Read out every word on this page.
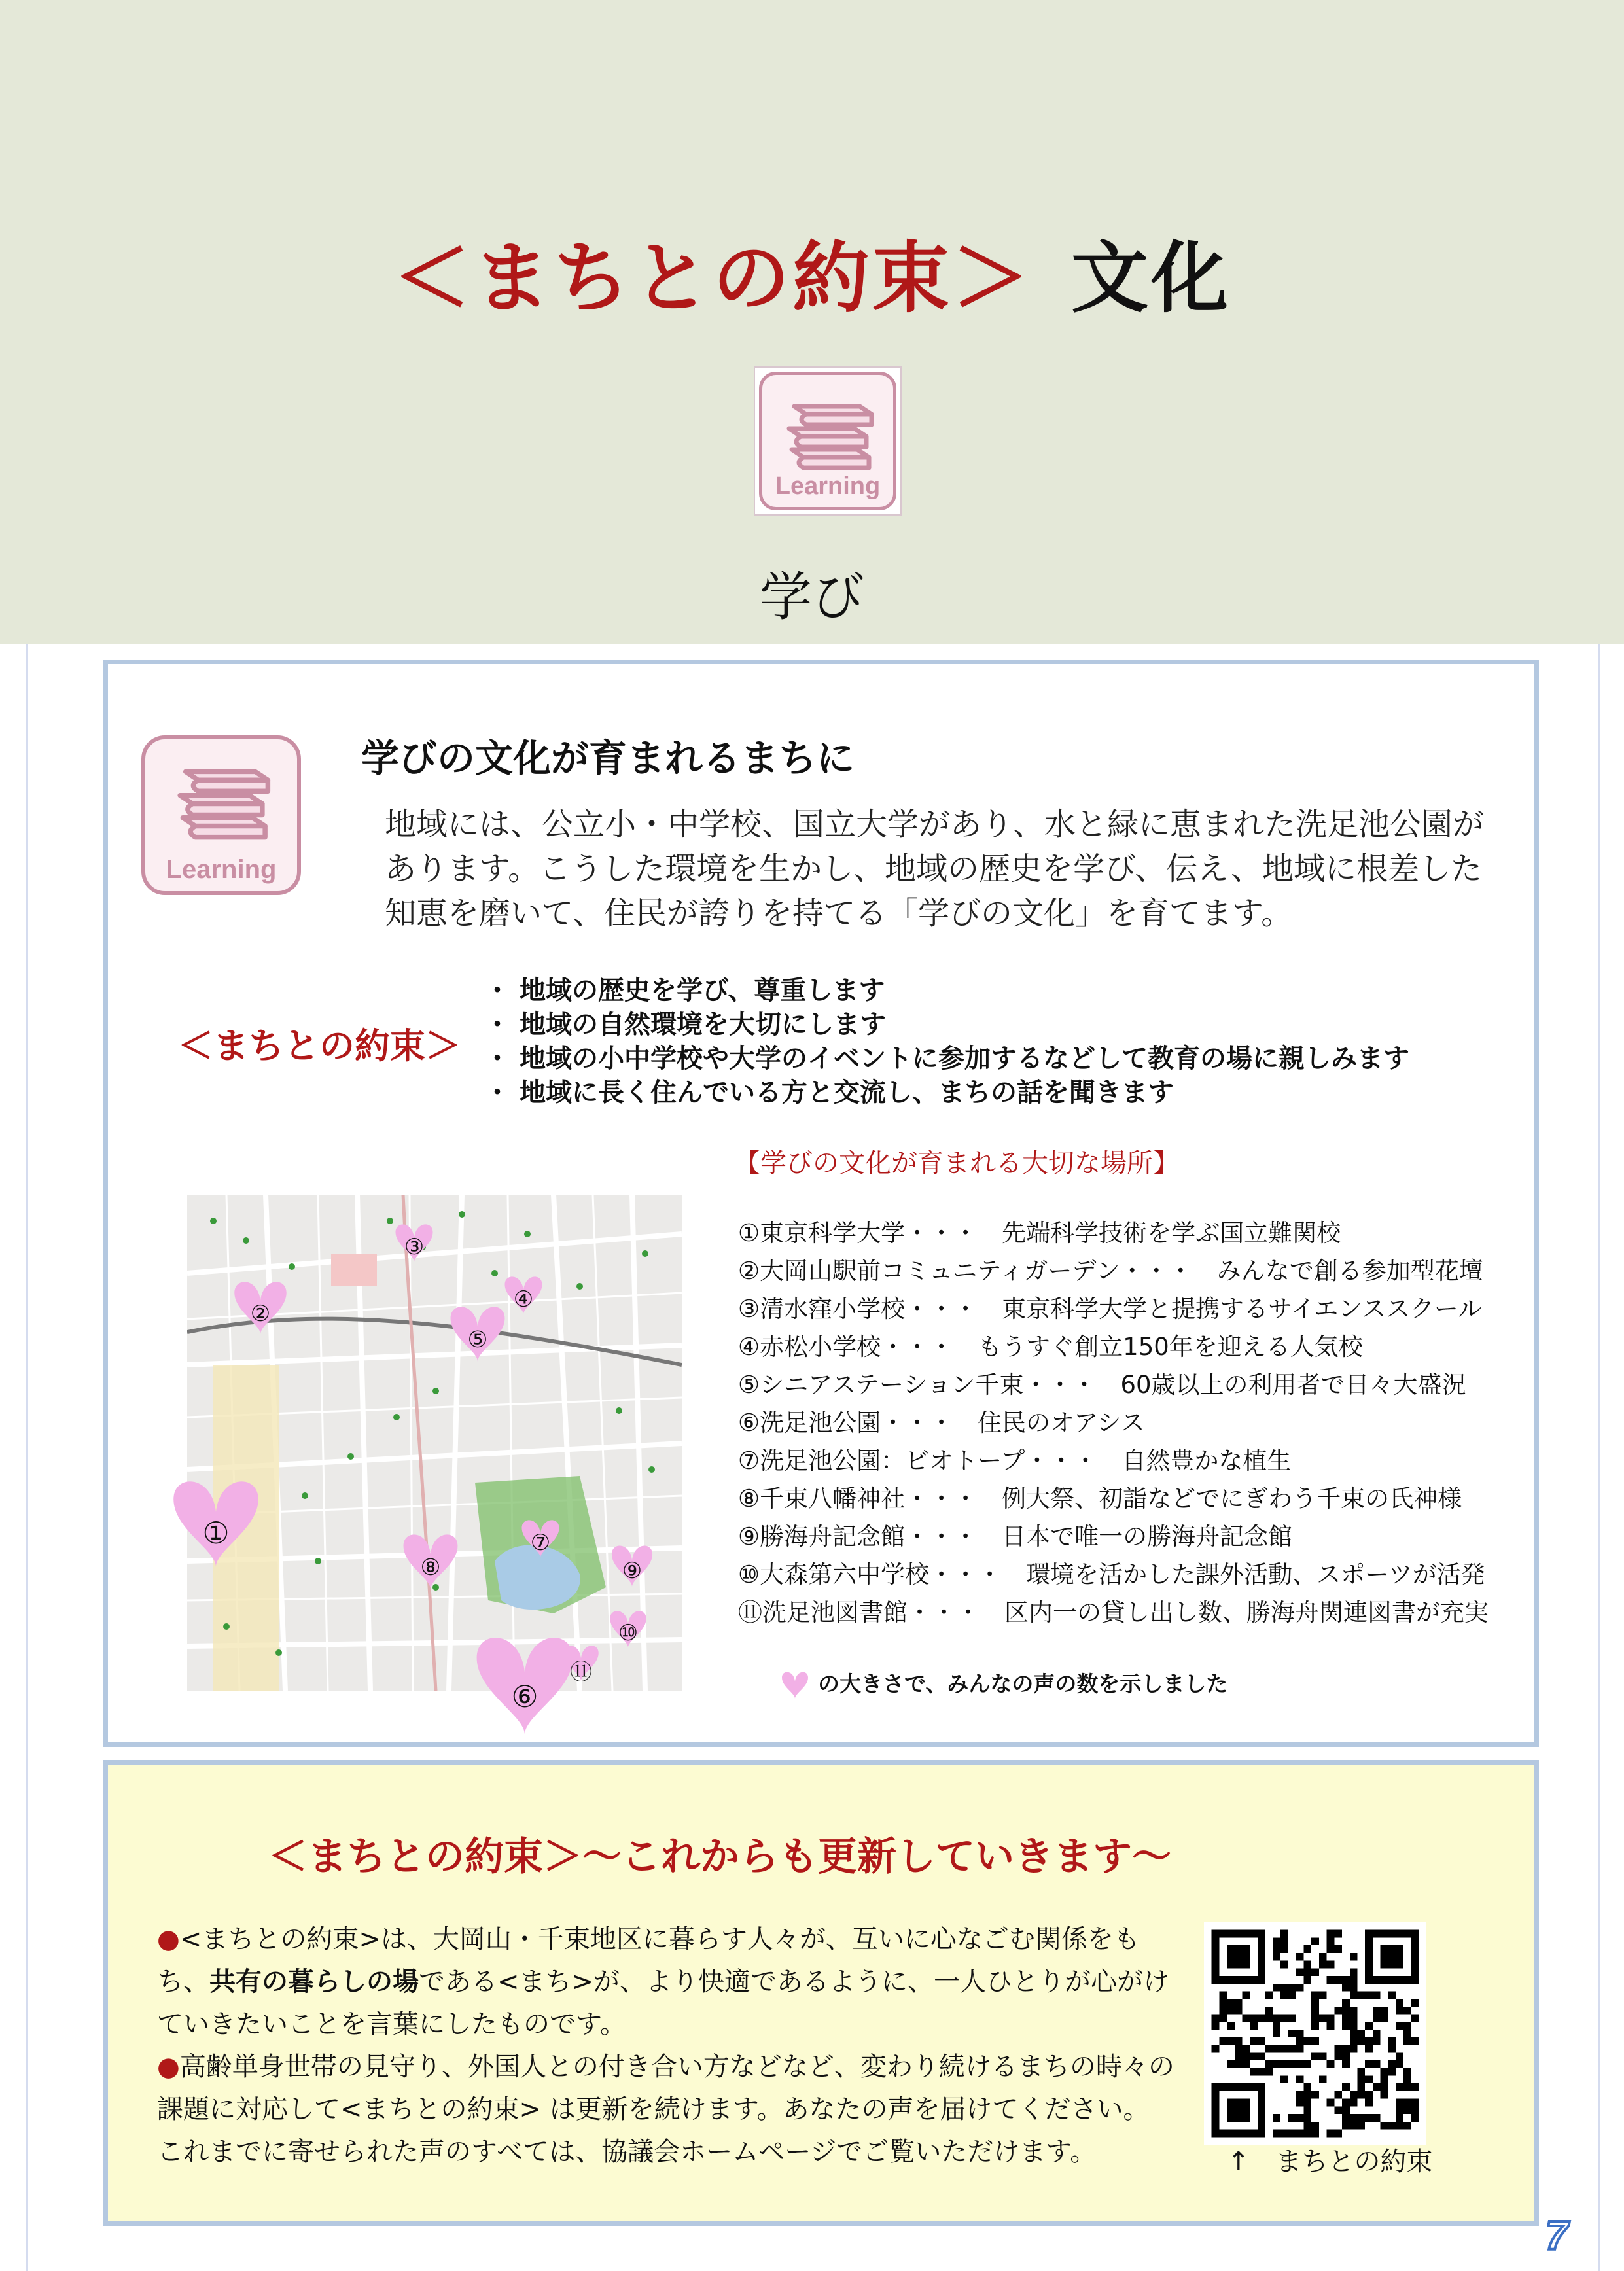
＜まちとの約束＞ 文化
Learning
学び
Learning
学びの文化が育まれるまちに
地域には、公立小・中学校、国立大学があり、水と緑に恵まれた洗足池公園があります。こうした環境を生かし、地域の歴史を学び、伝え、地域に根差した知恵を磨いて、住民が誇りを持てる「学びの文化」を育てます。
＜まちとの約束＞
・ 地域の歴史を学び、尊重します
・ 地域の自然環境を大切にします
・ 地域の小中学校や大学のイベントに参加するなどして教育の場に親しみます
・ 地域に長く住んでいる方と交流し、まちの話を聞きます
【学びの文化が育まれる大切な場所】
①
②
③
④
⑤
⑥
⑦
⑧	⑨
⑩
⑪
①東京科学大学・・・　先端科学技術を学ぶ国立難関校
②大岡山駅前コミュニティガーデン・・・　みんなで創る参加型花壇
③清水窪小学校・・・　東京科学大学と提携するサイエンススクール
④赤松小学校・・・　もうすぐ創立150年を迎える人気校
⑤シニアステーション千束・・・　60歳以上の利用者で日々大盛況
⑥洗足池公園・・・　住民のオアシス
⑦洗足池公園：ビオトープ・・・　自然豊かな植生
⑧千束八幡神社・・・　例大祭、初詣などでにぎわう千束の氏神様
⑨勝海舟記念館・・・　日本で唯一の勝海舟記念館
⑩大森第六中学校・・・　環境を活かした課外活動、スポーツが活発
⑪洗足池図書館・・・　区内一の貸し出し数、勝海舟関連図書が充実
の大きさで、みんなの声の数を示しました
＜まちとの約束＞〜これからも更新していきます〜
●<まちとの約束>は、大岡山・千束地区に暮らす人々が、互いに心なごむ関係をもち、共有の暮らしの場である<まち>が、より快適であるように、一人ひとりが心がけていきたいことを言葉にしたものです。
●高齢単身世帯の見守り、外国人との付き合い方などなど、変わり続けるまちの時々の課題に対応して<まちとの約束> は更新を続けます。あなたの声を届けてください。
これまでに寄せられた声のすべては、協議会ホームページでご覧いただけます。	↑　まちとの約束
7
